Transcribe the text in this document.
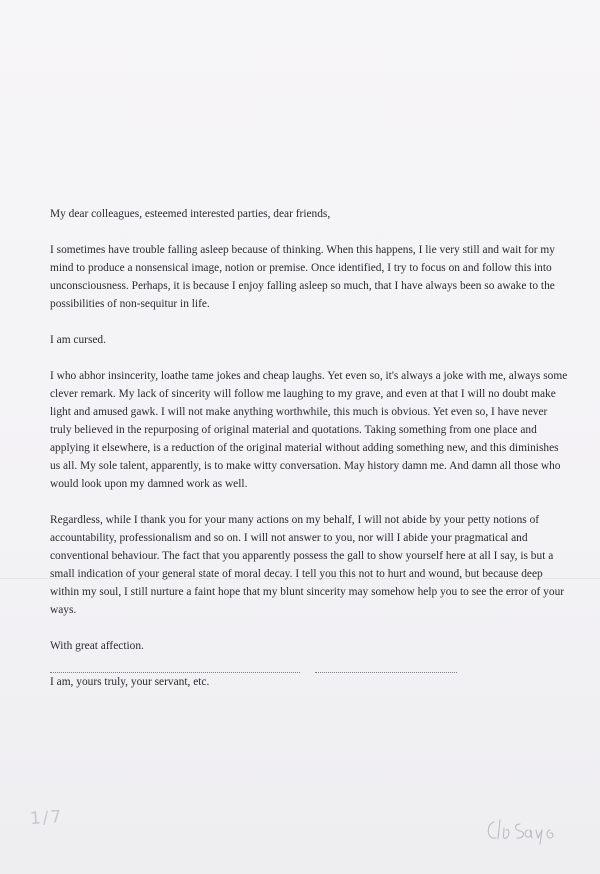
My dear colleagues, esteemed interested parties, dear friends,

I sometimes have trouble falling asleep because of thinking. When this happens, I lie very still and wait for my mind to produce a nonsensical image, notion or premise. Once identified, I try to focus on and follow this into unconsciousness. Perhaps, it is because I enjoy falling asleep so much, that I have always been so awake to the possibilities of non-sequitur in life.

I am cursed.

I who abhor insincerity, loathe tame jokes and cheap laughs. Yet even so, it's always a joke with me, always some clever remark. My lack of sincerity will follow me laughing to my grave, and even at that I will no doubt make light and amused gawk. I will not make anything worthwhile, this much is obvious. Yet even so, I have never truly believed in the repurposing of original material and quotations. Taking something from one place and applying it elsewhere, is a reduction of the original material without adding something new, and this diminishes us all. My sole talent, apparently, is to make witty conversation. May history damn me. And damn all those who would look upon my damned work as well.

Regardless, while I thank you for your many actions on my behalf, I will not abide by your petty notions of accountability, professionalism and so on. I will not answer to you, nor will I abide your pragmatical and conventional behaviour. The fact that you apparently possess the gall to show yourself here at all I say, is but a small indication of your general state of moral decay. I tell you this not to hurt and wound, but because deep within my soul, I still nurture a faint hope that my blunt sincerity may somehow help you to see the error of your ways.

With great affection.

I am, yours truly, your servant, etc.

1/7
